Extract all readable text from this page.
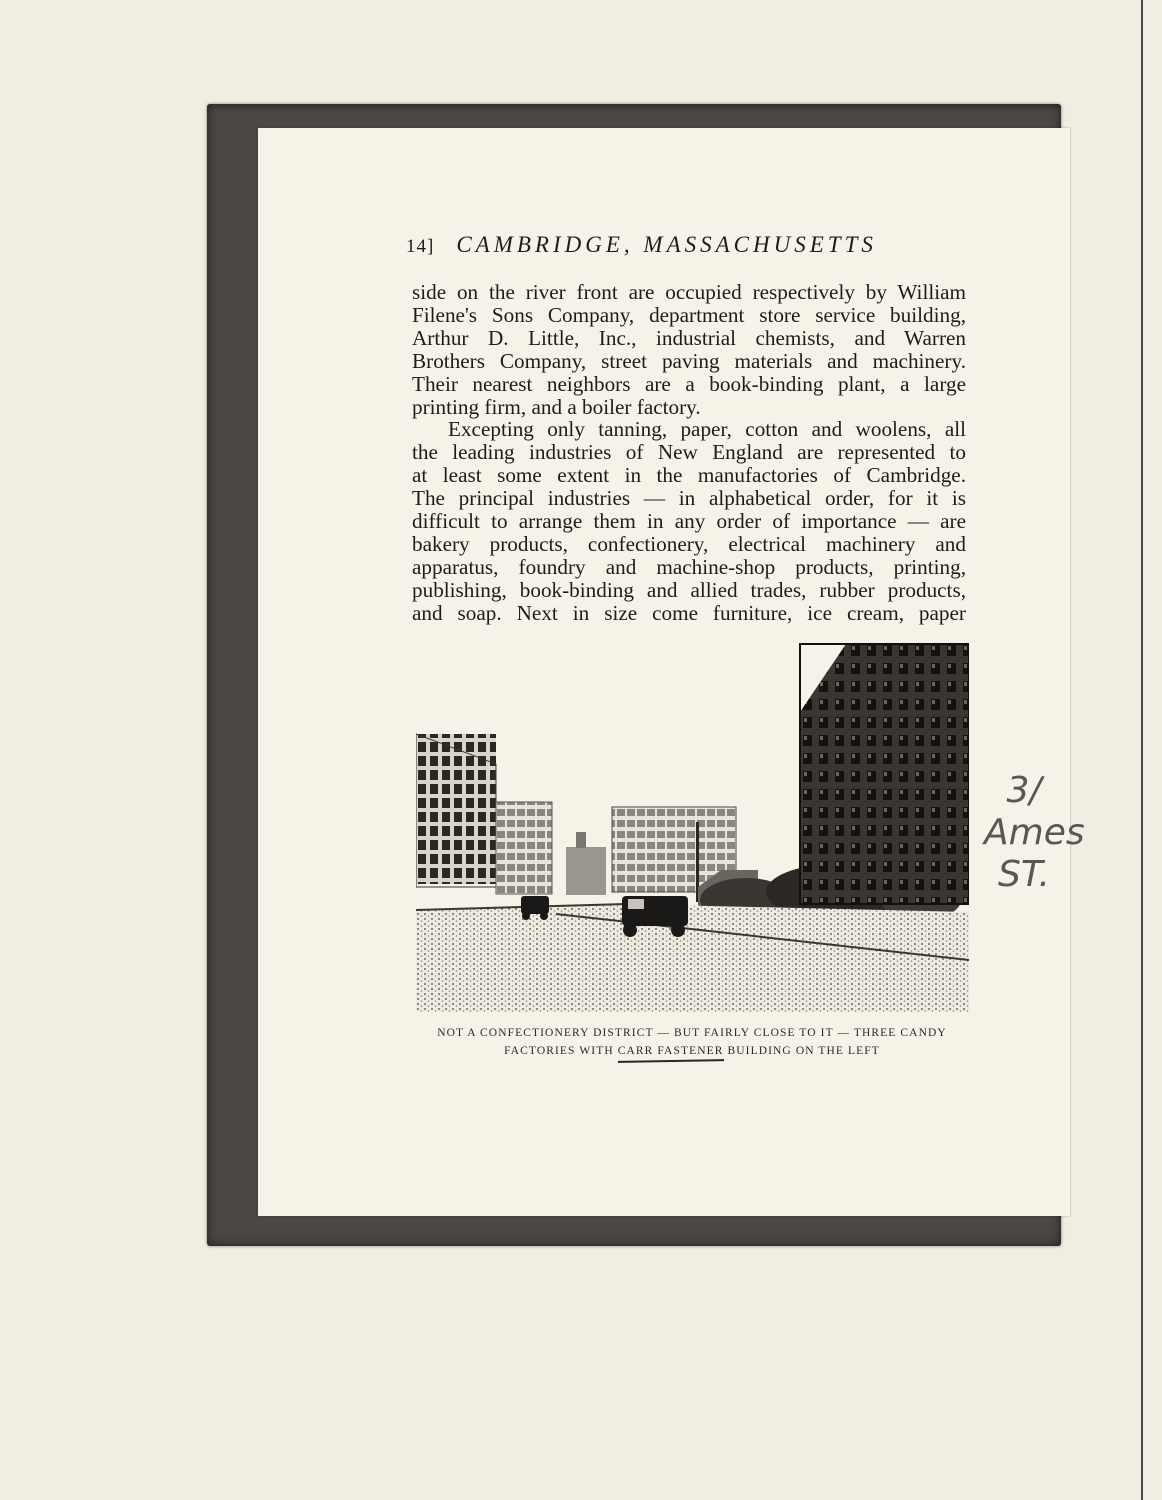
14] CAMBRIDGE, MASSACHUSETTS

side on the river front are occupied respectively by William
Filene's Sons Company, department store service building,
Arthur D. Little, Inc., industrial chemists, and Warren
Brothers Company, street paving materials and machinery.
Their nearest neighbors are a book-binding plant, a large
printing firm, and a boiler factory.

Excepting only tanning, paper, cotton and woolens, all
the leading industries of New England are represented to
at least some extent in the manufactories of Cambridge.
The principal industries — in alphabetical order, for it is
difficult to arrange them in any order of importance — are
bakery products, confectionery, electrical machinery and
apparatus, foundry and machine-shop products, printing,
publishing, book-binding and allied trades, rubber products,
and soap. Next in size come furniture, ice cream, paper

NOT A CONFECTIONERY DISTRICT — BUT FAIRLY CLOSE TO IT — THREE CANDY
FACTORIES WITH CARR FASTENER BUILDING ON THE LEFT
3/
Ames
ST.
